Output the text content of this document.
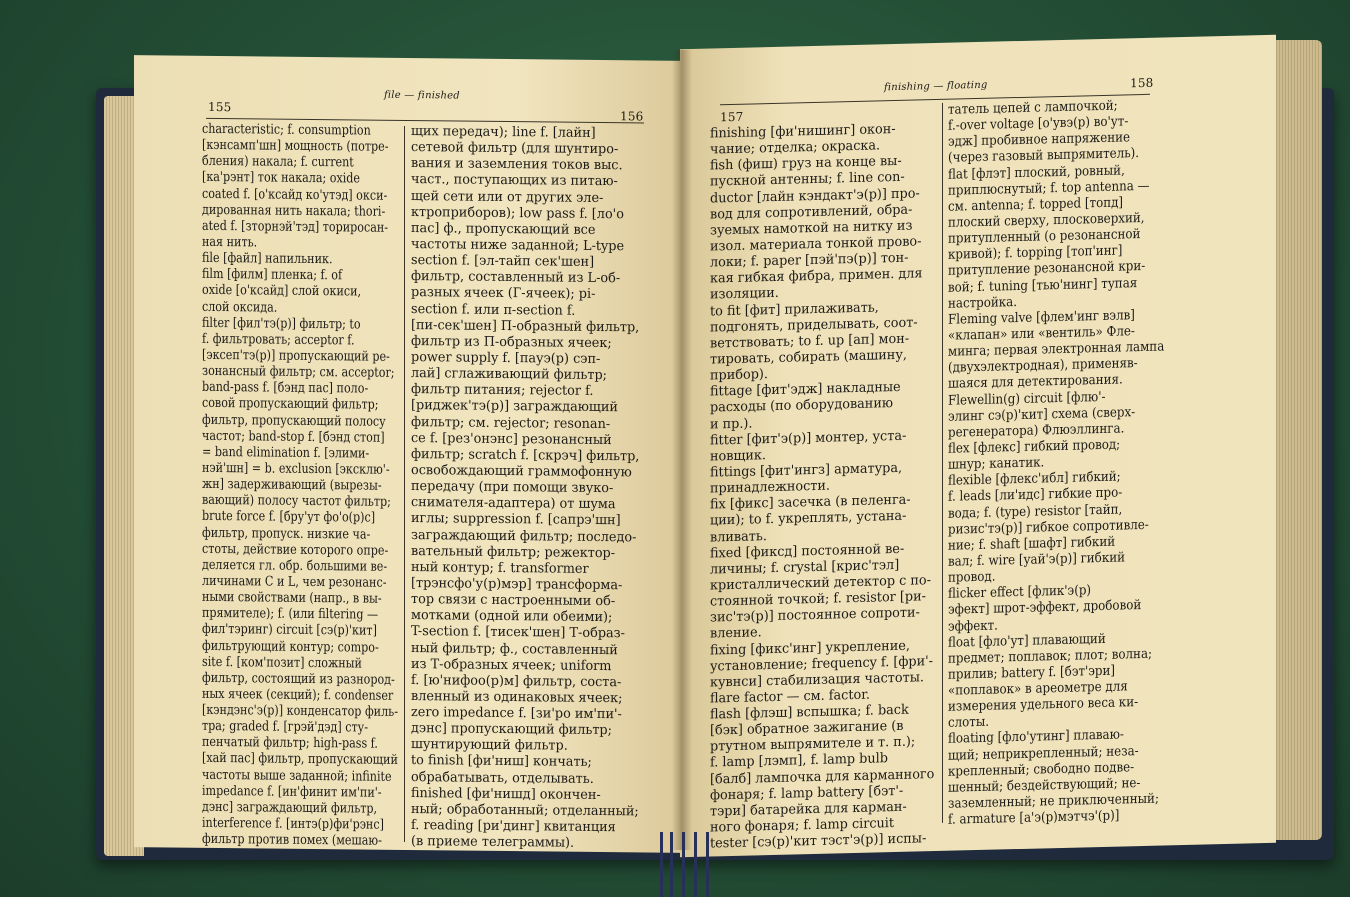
155
file — finished
156
characteristic; f. consumption
[кэнсамп'шн] мощность (потре-
бления) накала; f. current
[ка'рэнт] ток накала; oxide
coated f. [о'ксайд ко'утэд] окси-
дированная нить накала; thori-
ated f. [зторнэй'тэд] ториросан-
ная нить.
file [файл] напильник.
film [филм] пленка; f. of
oxide [о'ксайд] слой окиси,
слой оксида.
filter [фил'тэ(р)] фильтр; to
f. фильтровать; acceptor f.
[эксеп'тэ(р)] пропускающий ре-
зонансный фильтр; см. acceptor;
band-pass f. [бэнд пас] поло-
совой пропускающий фильтр;
фильтр, пропускающий полосу
частот; band-stop f. [бэнд стоп]
= band elimination f. [элими-
нэй'шн] = b. exclusion [эксклю'-
жн] задерживающий (вырезы-
вающий) полосу частот фильтр;
brute force f. [бру'ут фо'о(р)с]
фильтр, пропуск. низкие ча-
стоты, действие которого опре-
деляется гл. обр. большими ве-
личинами С и L, чем резонанс-
ными свойствами (напр., в вы-
прямителе); f. (или filtering —
фил'тэринг) circuit [сэ(р)'кит]
фильтрующий контур; compo-
site f. [ком'позит] сложный
фильтр, состоящий из разнород-
ных ячеек (секций); f. condenser
[кэндэнс'э(р)] конденсатор филь-
тра; graded f. [грэй'дэд] сту-
пенчатый фильтр; high-pass f.
[хай пас] фильтр, пропускающий
частоты выше заданной; infinite
impedance f. [ин'финит им'пи'-
дэнс] заграждающий фильтр,
interference f. [интэ(р)фи'рэнс]
фильтр против помех (мешаю-
щих передач); line f. [лайн]
сетевой фильтр (для шунтиро-
вания и заземления токов выс.
част., поступающих из питаю-
щей сети или от других эле-
ктроприборов); low pass f. [ло'о
пас] ф., пропускающий все
частоты ниже заданной; L-type
section f. [эл-тайп сек'шен]
фильтр, составленный из L-об-
разных ячеек (Г-ячеек); pi-
section f. или π-section f.
[пи-сек'шен] П-образный фильтр,
фильтр из П-образных ячеек;
power supply f. [пауэ(р) сэп-
лай] сглаживающий фильтр;
фильтр питания; rejector f.
[риджек'тэ(р)] заграждающий
фильтр; см. rejector; resonan-
ce f. [рез'онэнс] резонансный
фильтр; scratch f. [скрэч] фильтр,
освобождающий граммофонную
передачу (при помощи звуко-
снимателя-адаптера) от шума
иглы; suppression f. [сапрэ'шн]
заграждающий фильтр; последо-
вательный фильтр; режектор-
ный контур; f. transformer
[трэнсфо'у(р)мэр] трансформа-
тор связи с настроенными об-
мотками (одной или обеими);
T-section f. [тисек'шен] Т-образ-
ный фильтр; ф., составленный
из Т-образных ячеек; uniform
f. [ю'нифоо(р)м] фильтр, соста-
вленный из одинаковых ячеек;
zero impedance f. [зи'ро им'пи'-
дэнс] пропускающий фильтр;
шунтирующий фильтр.
to finish [фи'ниш] кончать;
обрабатывать, отделывать.
finished [фи'нишд] окончен-
ный; обработанный; отделанный;
f. reading [ри'динг] квитанция
(в приеме телеграммы).
157
finishing — floating	158
finishing [фи'нишинг] окон-
чание; отделка; окраска.
fish (фиш) груз на конце вы-
пускной антенны; f. line con-
ductor [лайн кэндакт'э(р)] про-
вод для сопротивлений, обра-
зуемых намоткой на нитку из
изол. материала тонкой прово-
локи; f. paper [пэй'пэ(р)] тон-
кая гибкая фибра, примен. для
изоляции.
to fit [фит] прилаживать,
подгонять, приделывать, соот-
ветствовать; to f. up [ап] мон-
тировать, собирать (машину,
прибор).
fittage [фит'эдж] накладные
расходы (по оборудованию
и пр.).
fitter [фит'э(р)] монтер, уста-
новщик.
fittings [фит'ингз] арматура,
принадлежности.
fix [фикс] засечка (в пеленга-
ции); to f. укреплять, устана-
вливать.
fixed [фиксд] постоянной ве-
личины; f. crystal [крис'тэл]
кристаллический детектор с по-
стоянной точкой; f. resistor [ри-
зис'тэ(р)] постоянное сопроти-
вление.
fixing [фикс'инг] укрепление,
установление; frequency f. [фри'-
кувнси] стабилизация частоты.
flare factor — см. factor.
flash [флэш] вспышка; f. back
[бэк] обратное зажигание (в
ртутном выпрямителе и т. п.);
f. lamp [лэмп], f. lamp bulb
[балб] лампочка для карманного
фонаря; f. lamp battery [бэт'-
тэри] батарейка для карман-
ного фонаря; f. lamp circuit
tester [сэ(р)'кит тэст'э(р)] испы-
татель цепей с лампочкой;
f.-over voltage [о'увэ(р) во'ут-
эдж] пробивное напряжение
(через газовый выпрямитель).
flat [флэт] плоский, ровный,
приплюснутый; f. top antenna —
см. antenna; f. topped [топд]
плоский сверху, плосковерхий,
притупленный (о резонансной
кривой); f. topping [топ'инг]
притупление резонансной кри-
вой; f. tuning [тью'нинг] тупая
настройка.
Fleming valve [флем'инг вэлв]
«клапан» или «вентиль» Фле-
минга; первая электронная лампа
(двухэлектродная), применяв-
шаяся для детектирования.
Flewellin(g) circuit [флю'-
элинг сэ(р)'кит] схема (сверх-
регенератора) Флюэллинга.
flex [флекс] гибкий провод;
шнур; канатик.
flexible [флекс'ибл] гибкий;
f. leads [ли'идс] гибкие про-
вода; f. (type) resistor [тайп,
ризис'тэ(р)] гибкое сопротивле-
ние; f. shaft [шафт] гибкий
вал; f. wire [уай'э(р)] гибкий
провод.
flicker effect [флик'э(р)
эфект] шрот-эффект, дробовой
эффект.
float [фло'ут] плавающий
предмет; поплавок; плот; волна;
прилив; battery f. [бэт'эри]
«поплавок» в ареометре для
измерения удельного веса ки-
слоты.
floating [фло'утинг] плаваю-
щий; неприкрепленный; неза-
крепленный; свободно подве-
шенный; бездействующий; не-
заземленный; не приключенный;
f. armature [а'э(р)мэтчэ'(р)]
